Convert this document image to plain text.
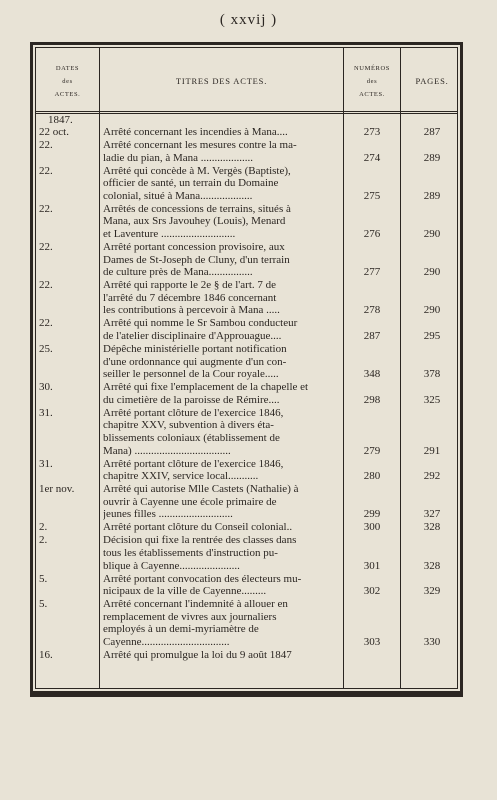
( xxvij )
DATES
des
ACTES.
TITRES DES ACTES.
NUMÉROS
des
ACTES.
PAGES.
1847.
22 oct.	Arrêté concernant les incendies à Mana....	273	287
22.	Arrêté concernant les mesures contre la ma-
ladie du pian, à Mana ...................	274	289
22.	Arrêté qui concède à M. Vergès (Baptiste),
officier de santé, un terrain du Domaine
colonial, situé à Mana...................	275	289
22.	Arrêtés de concessions de terrains, situés à
Mana, aux Srs Javouhey (Louis), Menard
et Laventure ...........................	276	290
22.	Arrêté portant concession provisoire, aux
Dames de St-Joseph de Cluny, d'un terrain
de culture près de Mana................	277	290
22.	Arrêté qui rapporte le 2e § de l'art. 7 de
l'arrêté du 7 décembre 1846 concernant
les contributions à percevoir à Mana .....	278	290
22.	Arrêté qui nomme le Sr Sambou conducteur
de l'atelier disciplinaire d'Approuague....	287	295
25.	Dépêche ministérielle portant notification
d'une ordonnance qui augmente d'un con-
seiller le personnel de la Cour royale.....	348	378
30.	Arrêté qui fixe l'emplacement de la chapelle et
du cimetière de la paroisse de Rémire....	298	325
31.	Arrêté portant clôture de l'exercice 1846,
chapitre XXV, subvention à divers éta-
blissements coloniaux (établissement de
Mana) ...................................	279	291
31.	Arrêté portant clôture de l'exercice 1846,
chapitre XXIV, service local...........	280	292
1er nov.	Arrêté qui autorise Mlle Castets (Nathalie) à
ouvrir à Cayenne une école primaire de
jeunes filles ...........................	299	327
2.	Arrêté portant clôture du Conseil colonial..	300	328
2.	Décision qui fixe la rentrée des classes dans
tous les établissements d'instruction pu-
blique à Cayenne......................	301	328
5.	Arrêté portant convocation des électeurs mu-
nicipaux de la ville de Cayenne.........	302	329
5.	Arrêté concernant l'indemnité à allouer en
remplacement de vivres aux journaliers
employés à un demi-myriamètre de
Cayenne................................	303	330
16.	Arrêté qui promulgue la loi du 9 août 1847
